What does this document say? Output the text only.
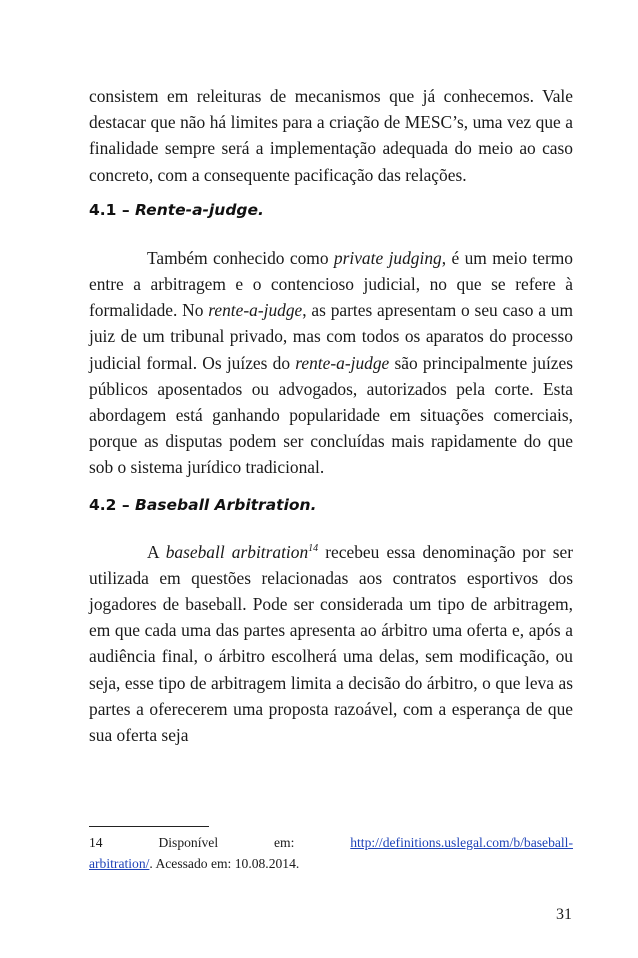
consistem em releituras de mecanismos que já conhecemos. Vale destacar que não há limites para a criação de MESC’s, uma vez que a finalidade sempre será a implementação adequada do meio ao caso concreto, com a consequente pacificação das relações.

4.1 – Rente-a-judge.

Também conhecido como private judging, é um meio termo entre a arbitragem e o contencioso judicial, no que se refere à formalidade. No rente-a-judge, as partes apresentam o seu caso a um juiz de um tribunal privado, mas com todos os aparatos do processo judicial formal. Os juízes do rente-a-judge são principalmente juízes públicos aposentados ou advogados, autorizados pela corte. Esta abordagem está ganhando popularidade em situações comerciais, porque as disputas podem ser concluídas mais rapidamente do que sob o sistema jurídico tradicional.

4.2 – Baseball Arbitration.

A baseball arbitration$^{14}$ recebeu essa denominação por ser utilizada em questões relacionadas aos contratos esportivos dos jogadores de baseball. Pode ser considerada um tipo de arbitragem, em que cada uma das partes apresenta ao árbitro uma oferta e, após a audiência final, o árbitro escolherá uma delas, sem modificação, ou seja, esse tipo de arbitragem limita a decisão do árbitro, o que leva as partes a oferecerem uma proposta razoável, com a esperança de que sua oferta seja

14	Disponível	em:	http://definitions.uslegal.com/b/baseball-
arbitration/. Acessado em: 10.08.2014.
31
